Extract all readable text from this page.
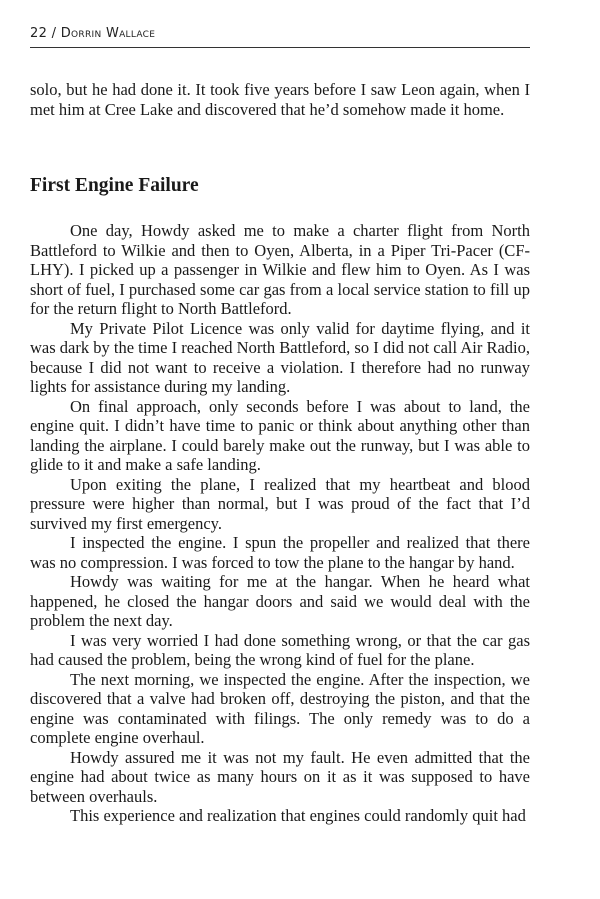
22 / Dorrin Wallace

solo, but he had done it. It took five years before I saw Leon again, when I met him at Cree Lake and discovered that he’d somehow made it home.

First Engine Failure

One day, Howdy asked me to make a charter flight from North Battleford to Wilkie and then to Oyen, Alberta, in a Piper Tri-Pacer (CF-LHY). I picked up a passenger in Wilkie and flew him to Oyen. As I was short of fuel, I purchased some car gas from a local service station to fill up for the return flight to North Battleford.

My Private Pilot Licence was only valid for daytime flying, and it was dark by the time I reached North Battleford, so I did not call Air Radio, because I did not want to receive a violation. I therefore had no runway lights for assistance during my landing.

On final approach, only seconds before I was about to land, the engine quit. I didn’t have time to panic or think about anything other than landing the airplane. I could barely make out the runway, but I was able to glide to it and make a safe landing.

Upon exiting the plane, I realized that my heartbeat and blood pressure were higher than normal, but I was proud of the fact that I’d survived my first emergency.

I inspected the engine. I spun the propeller and realized that there was no compression. I was forced to tow the plane to the hangar by hand.

Howdy was waiting for me at the hangar. When he heard what happened, he closed the hangar doors and said we would deal with the problem the next day.

I was very worried I had done something wrong, or that the car gas had caused the problem, being the wrong kind of fuel for the plane.

The next morning, we inspected the engine. After the inspection, we discovered that a valve had broken off, destroying the piston, and that the engine was contaminated with filings. The only remedy was to do a complete engine overhaul.

Howdy assured me it was not my fault. He even admitted that the engine had about twice as many hours on it as it was supposed to have between overhauls.

This experience and realization that engines could randomly quit had
